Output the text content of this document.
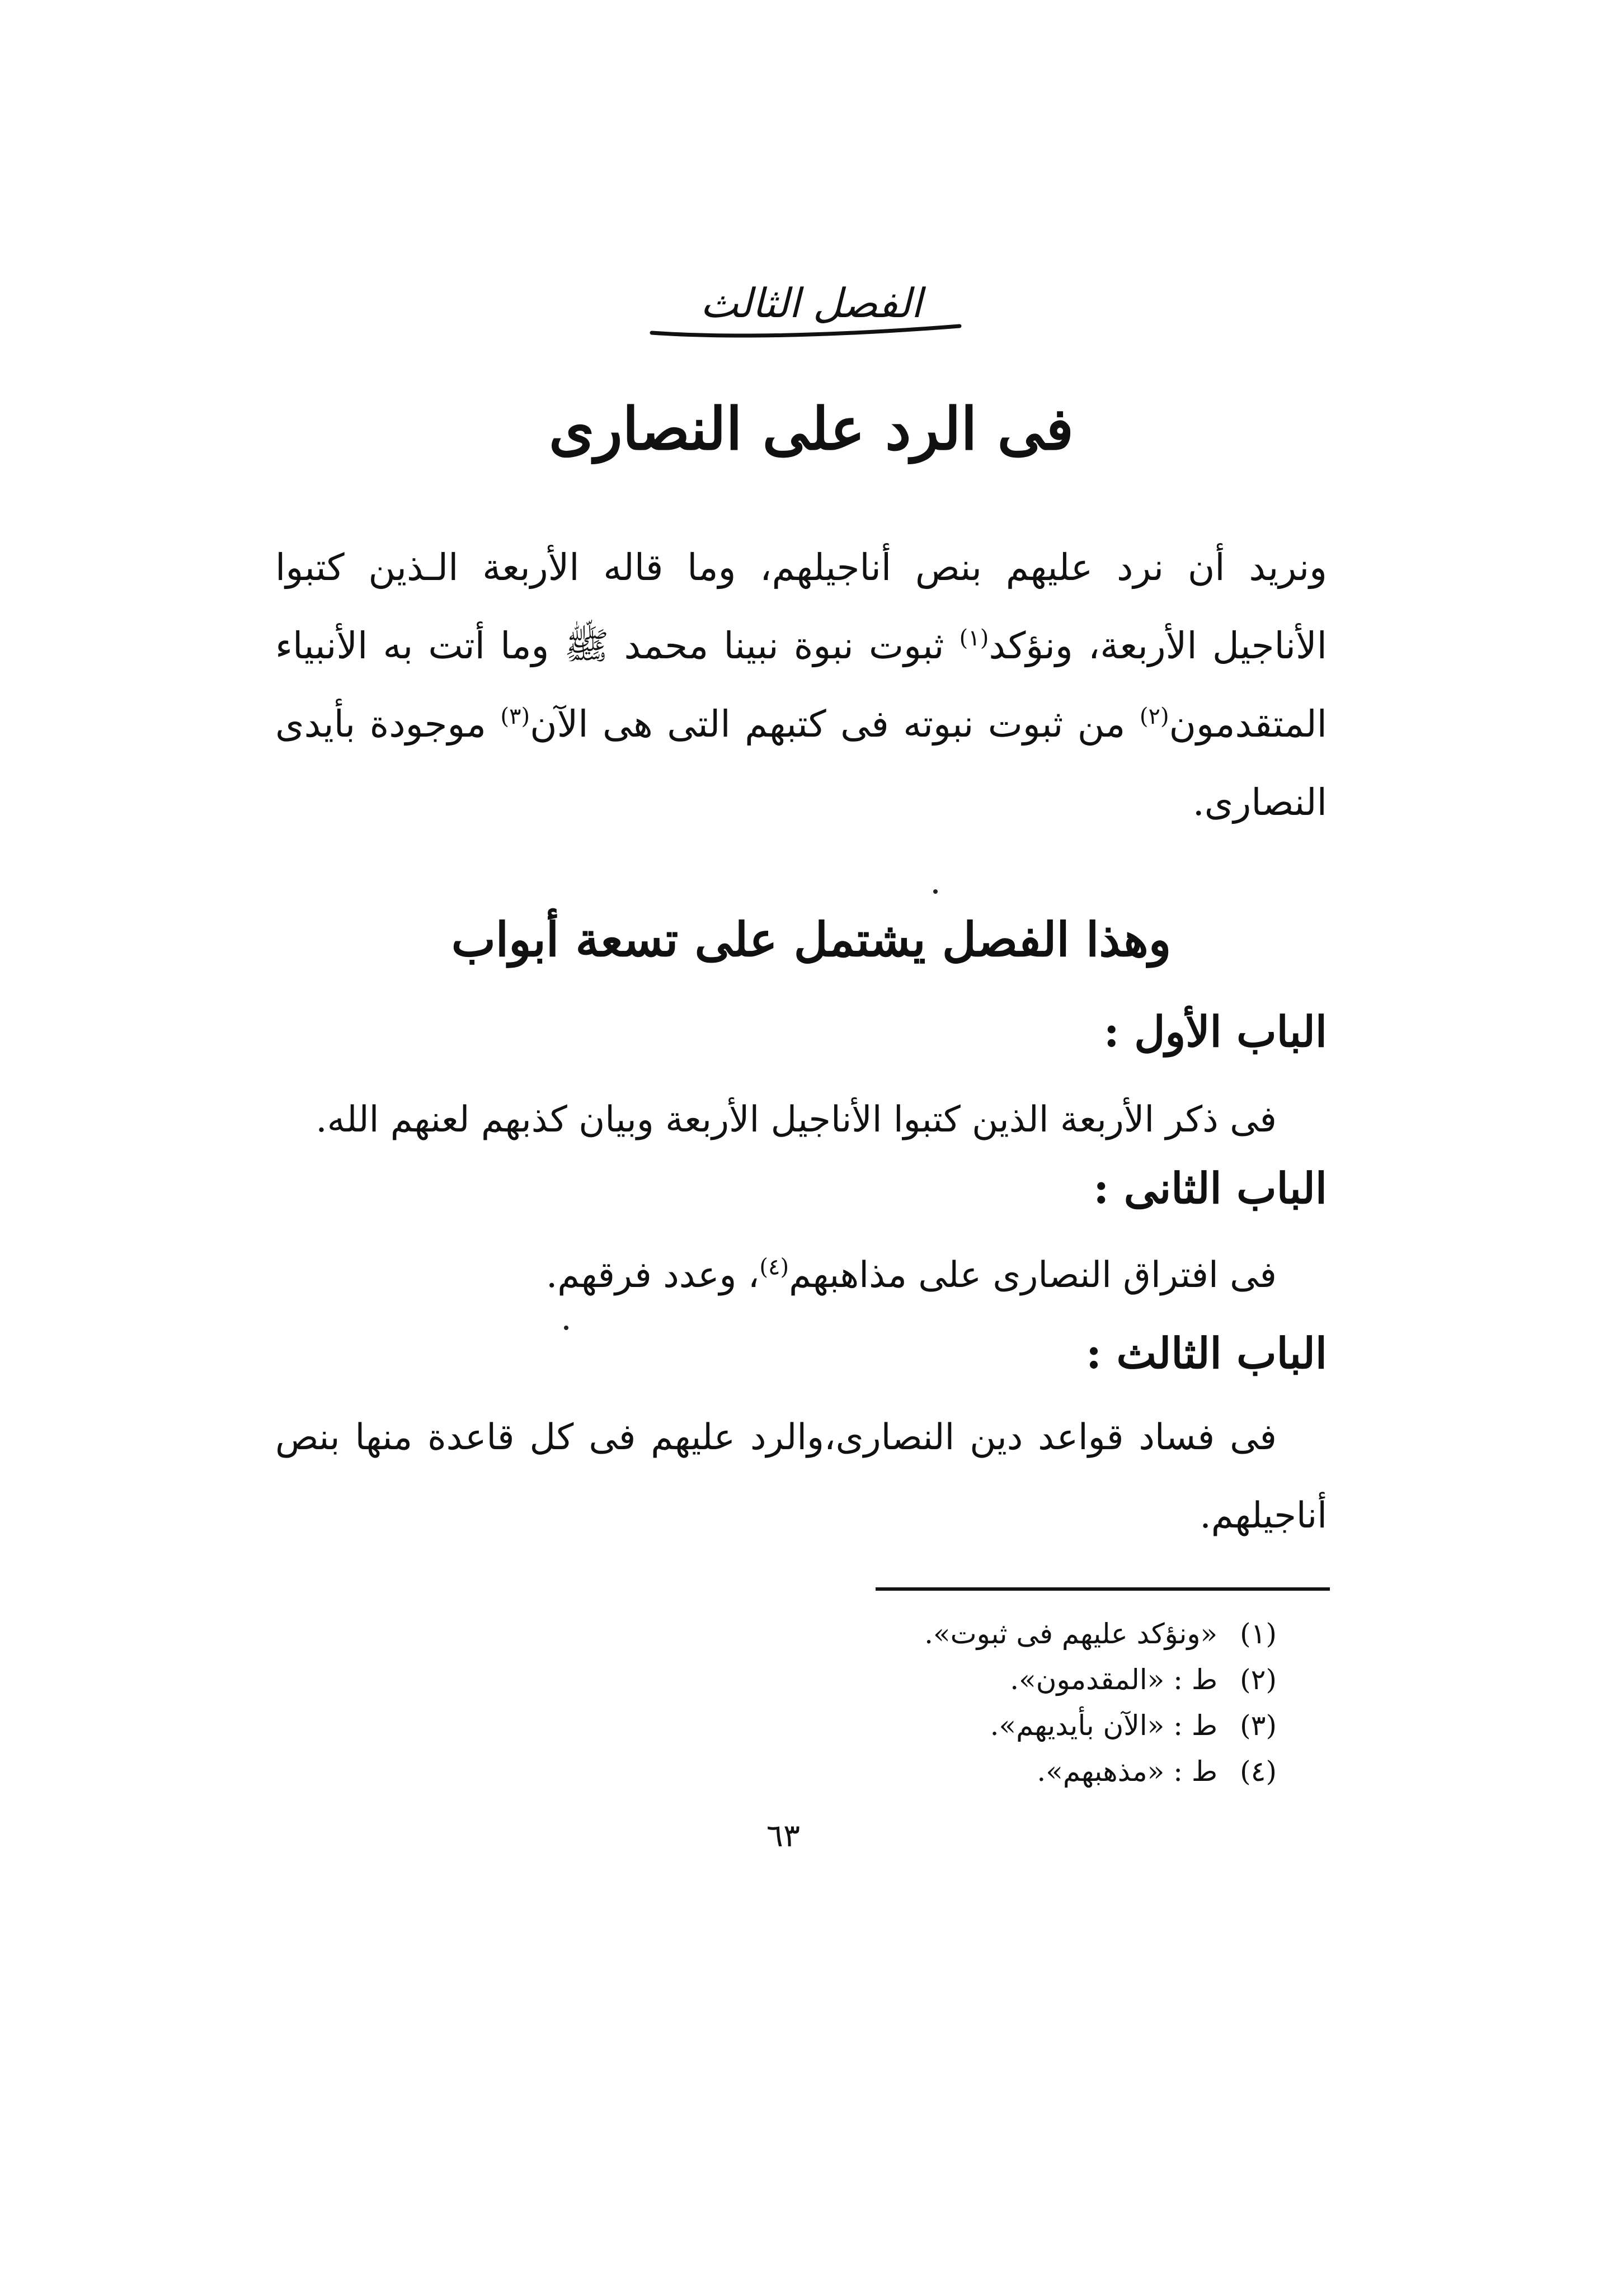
الفصل الثالث
فى الرد على النصارى

ونريد أن نرد عليهم بنص أناجيلهم، وما قاله الأربعة الـذين كتبوا الأناجيل الأربعة، ونؤكد$^{(١)}$ ثبوت نبوة نبينا محمد ﷺ وما أتت به الأنبياء المتقدمون$^{(٢)}$ من ثبوت نبوته فى كتبهم التى هى الآن$^{(٣)}$ موجودة بأيدى النصارى.

وهذا الفصل يشتمل على تسعة أبواب
الباب الأول :
فى ذكر الأربعة الذين كتبوا الأناجيل الأربعة وبيان كذبهم لعنهم الله.
الباب الثانى :
فى افتراق النصارى على مذاهبهم$^{(٤)}$، وعدد فرقهم.
الباب الثالث :
فى فساد قواعد دين النصارى،والرد عليهم فى كل قاعدة منها بنص أناجيلهم.
(١)«ونؤكد عليهم فى ثبوت».
(٢)ط : «المقدمون».
(٣)ط : «الآن بأيديهم».
(٤)ط : «مذهبهم».
٦٣
